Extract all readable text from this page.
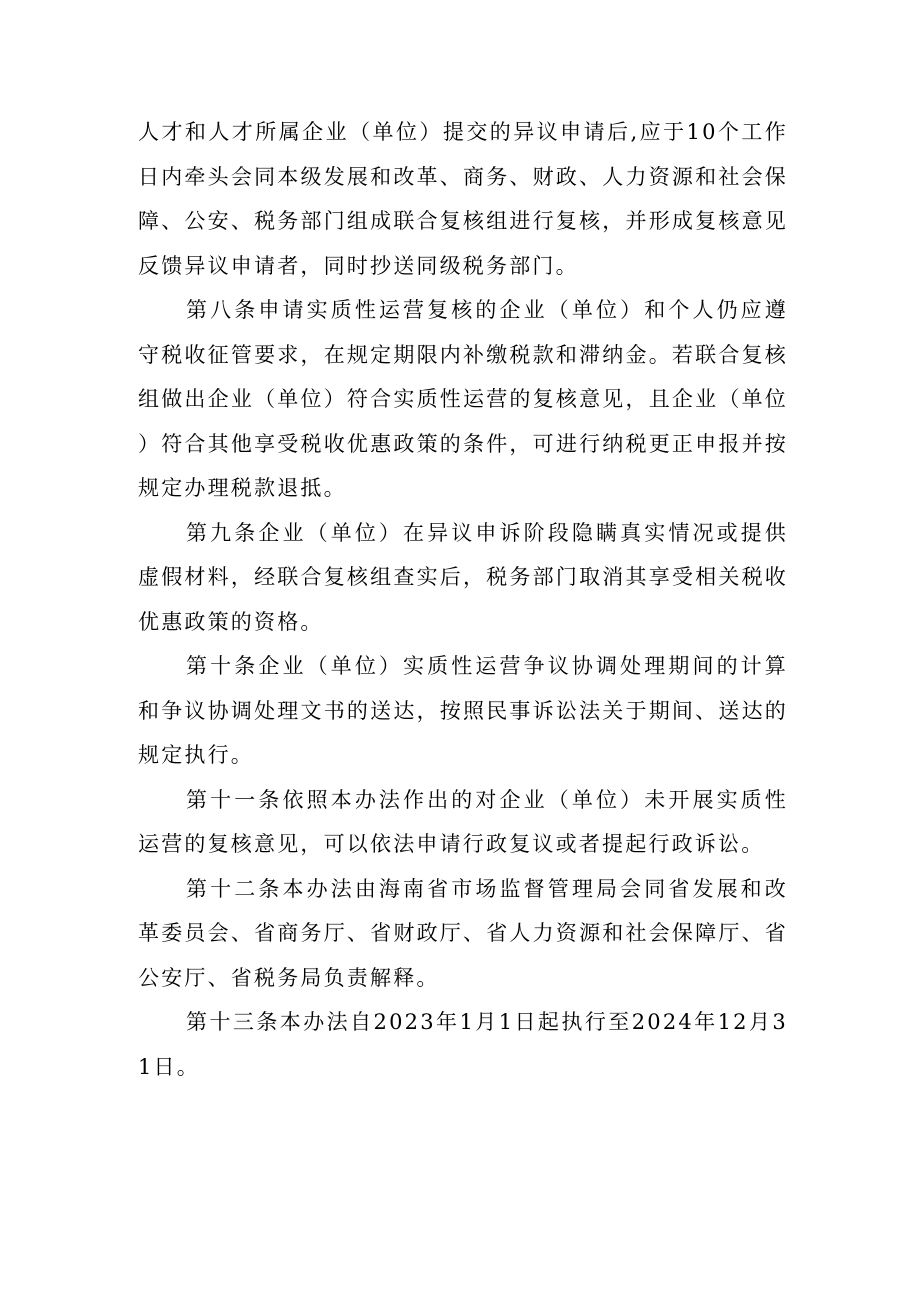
人才和人才所属企业（单位）提交的异议申请后,应于10个工作日内牵头会同本级发展和改革、商务、财政、人力资源和社会保障、公安、税务部门组成联合复核组进行复核，并形成复核意见反馈异议申请者，同时抄送同级税务部门。

第八条申请实质性运营复核的企业（单位）和个人仍应遵守税收征管要求，在规定期限内补缴税款和滞纳金。若联合复核组做出企业（单位）符合实质性运营的复核意见，且企业（单位）符合其他享受税收优惠政策的条件，可进行纳税更正申报并按规定办理税款退抵。

第九条企业（单位）在异议申诉阶段隐瞒真实情况或提供虚假材料，经联合复核组查实后，税务部门取消其享受相关税收优惠政策的资格。

第十条企业（单位）实质性运营争议协调处理期间的计算和争议协调处理文书的送达，按照民事诉讼法关于期间、送达的规定执行。

第十一条依照本办法作出的对企业（单位）未开展实质性运营的复核意见，可以依法申请行政复议或者提起行政诉讼。

第十二条本办法由海南省市场监督管理局会同省发展和改革委员会、省商务厅、省财政厅、省人力资源和社会保障厅、省公安厅、省税务局负责解释。

第十三条本办法自2023年1月1日起执行至2024年12月31日。
